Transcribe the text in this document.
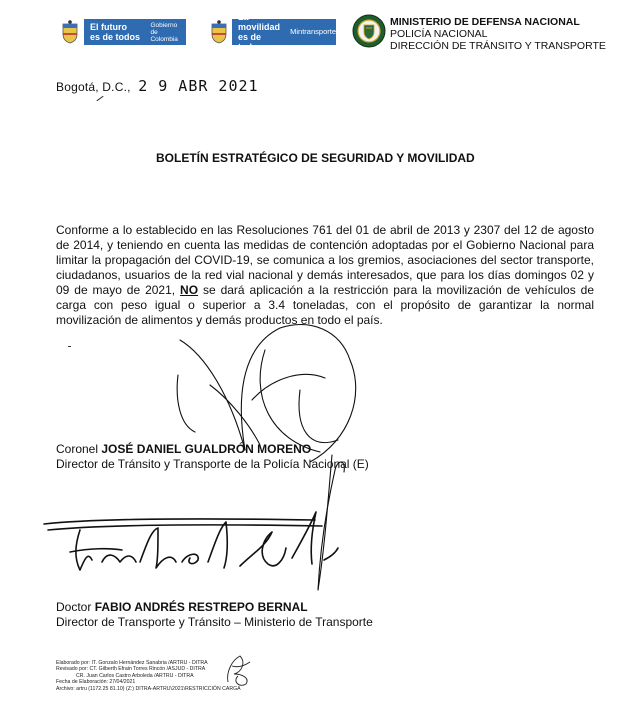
El futuro
es de todos
Gobierno
de Colombia
La movilidad
es de todos
Mintransporte
MINISTERIO DE DEFENSA NACIONAL
POLICÍA NACIONAL
DIRECCIÓN DE TRÁNSITO Y TRANSPORTE
Bogotá, D.C., 2 9 ABR 2021
BOLETÍN ESTRATÉGICO DE SEGURIDAD Y MOVILIDAD
Conforme a lo establecido en las Resoluciones 761 del 01 de abril de 2013 y 2307 del 12 de agosto de 2014, y teniendo en cuenta las medidas de contención adoptadas por el Gobierno Nacional para limitar la propagación del COVID-19, se comunica a los gremios, asociaciones del sector transporte, ciudadanos, usuarios de la red vial nacional y demás interesados, que para los días domingos 02 y 09 de mayo de 2021, NO se dará aplicación a la restricción para la movilización de vehículos de carga con peso igual o superior a 3.4 toneladas, con el propósito de garantizar la normal movilización de alimentos y demás productos en todo el país.
Coronel JOSÉ DANIEL GUALDRÓN MORENO
Director de Tránsito y Transporte de la Policía Nacional (E)
Doctor FABIO ANDRÉS RESTREPO BERNAL
Director de Transporte y Tránsito – Ministerio de Transporte
Elaborado por: IT. Gonzalo Hernández Sanabria /ARTRU - DITRA
Revisado por: CT. Gilberth Efrain Torres Rincón /ASJUD - DITRA
CR. Juan Carlos Castro Arboleda /ARTRU - DITRA
Fecha de Elaboración: 27/04/2021
Archivo: artru (1172.25 81.10) (Z:) DITRA-ARTRU\2021\RESTRICCIÓN CARGA
